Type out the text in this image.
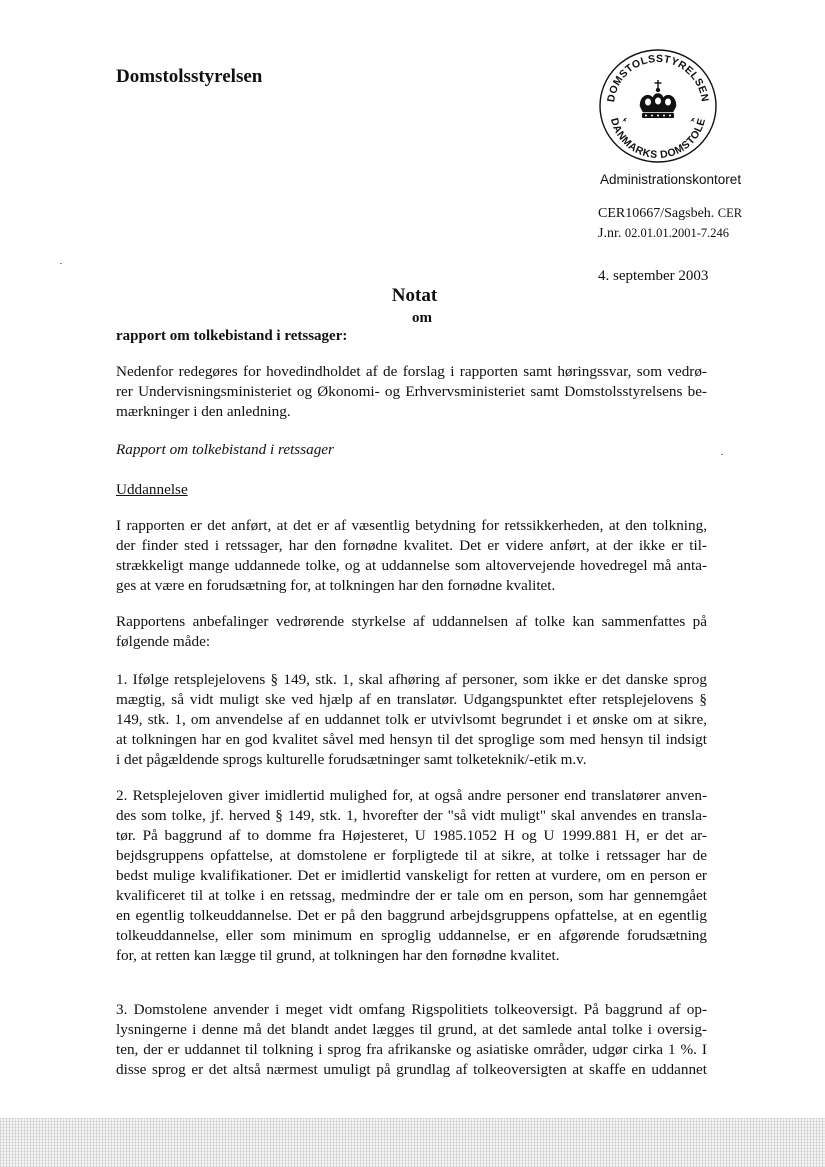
Domstolsstyrelsen
DOMSTOLSSTYRELSEN
DANMARKS DOMSTOLE
Administrationskontoret
CER10667/Sagsbeh. CER
J.nr. 02.01.01.2001-7.246
4. september 2003
Notat
om
rapport om tolkebistand i retssager:
Nedenfor redegøres for hovedindholdet af de forslag i rapporten samt høringssvar, som vedrø-
rer Undervisningsministeriet og Økonomi- og Erhvervsministeriet samt Domstolsstyrelsens be-
mærkninger i den anledning.
Rapport om tolkebistand i retssager
Uddannelse
I rapporten er det anført, at det er af væsentlig betydning for retssikkerheden, at den tolkning,
der finder sted i retssager, har den fornødne kvalitet. Det er videre anført, at der ikke er til-
strækkeligt mange uddannede tolke, og at uddannelse som altovervejende hovedregel må anta-
ges at være en forudsætning for, at tolkningen har den fornødne kvalitet.
Rapportens anbefalinger vedrørende styrkelse af uddannelsen af tolke kan sammenfattes på
følgende måde:
1. Ifølge retsplejelovens § 149, stk. 1, skal afhøring af personer, som ikke er det danske sprog
mægtig, så vidt muligt ske ved hjælp af en translatør. Udgangspunktet efter retsplejelovens §
149, stk. 1, om anvendelse af en uddannet tolk er utvivlsomt begrundet i et ønske om at sikre,
at tolkningen har en god kvalitet såvel med hensyn til det sproglige som med hensyn til indsigt
i det pågældende sprogs kulturelle forudsætninger samt tolketeknik/-etik m.v.
2. Retsplejeloven giver imidlertid mulighed for, at også andre personer end translatører anven-
des som tolke, jf. herved § 149, stk. 1, hvorefter der "så vidt muligt" skal anvendes en transla-
tør. På baggrund af to domme fra Højesteret, U 1985.1052 H og U 1999.881 H, er det ar-
bejdsgruppens opfattelse, at domstolene er forpligtede til at sikre, at tolke i retssager har de
bedst mulige kvalifikationer. Det er imidlertid vanskeligt for retten at vurdere, om en person er
kvalificeret til at tolke i en retssag, medmindre der er tale om en person, som har gennemgået
en egentlig tolkeuddannelse. Det er på den baggrund arbejdsgruppens opfattelse, at en egentlig
tolkeuddannelse, eller som minimum en sproglig uddannelse, er en afgørende forudsætning
for, at retten kan lægge til grund, at tolkningen har den fornødne kvalitet.
3. Domstolene anvender i meget vidt omfang Rigspolitiets tolkeoversigt. På baggrund af op-
lysningerne i denne må det blandt andet lægges til grund, at det samlede antal tolke i oversig-
ten, der er uddannet til tolkning i sprog fra afrikanske og asiatiske områder, udgør cirka 1 %. I
disse sprog er det altså nærmest umuligt på grundlag af tolkeoversigten at skaffe en uddannet
